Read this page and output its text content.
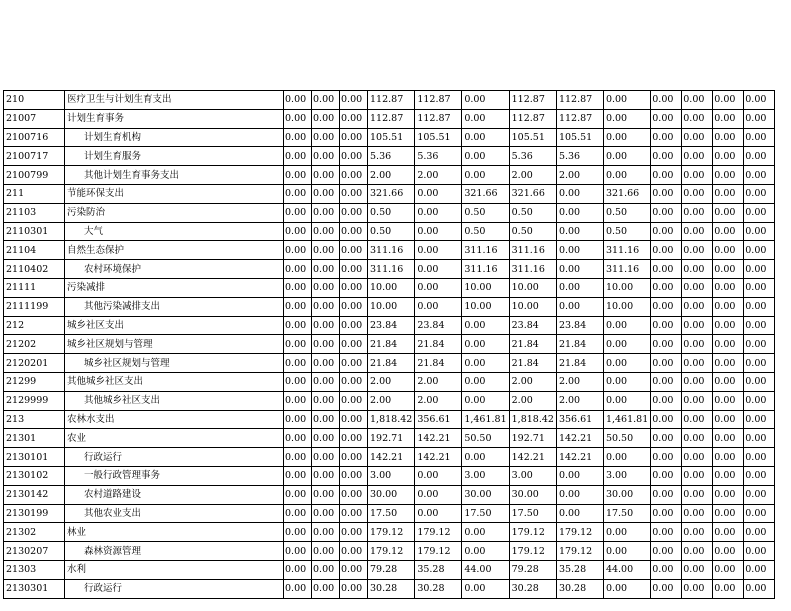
210	医疗卫生与计划生育支出	0.00	0.00	0.00	112.87	112.87	0.00	112.87	112.87	0.00	0.00	0.00	0.00	0.00
21007	计划生育事务	0.00	0.00	0.00	112.87	112.87	0.00	112.87	112.87	0.00	0.00	0.00	0.00	0.00
2100716	计划生育机构	0.00	0.00	0.00	105.51	105.51	0.00	105.51	105.51	0.00	0.00	0.00	0.00	0.00
2100717	计划生育服务	0.00	0.00	0.00	5.36	5.36	0.00	5.36	5.36	0.00	0.00	0.00	0.00	0.00
2100799	其他计划生育事务支出	0.00	0.00	0.00	2.00	2.00	0.00	2.00	2.00	0.00	0.00	0.00	0.00	0.00
211	节能环保支出	0.00	0.00	0.00	321.66	0.00	321.66	321.66	0.00	321.66	0.00	0.00	0.00	0.00
21103	污染防治	0.00	0.00	0.00	0.50	0.00	0.50	0.50	0.00	0.50	0.00	0.00	0.00	0.00
2110301	大气	0.00	0.00	0.00	0.50	0.00	0.50	0.50	0.00	0.50	0.00	0.00	0.00	0.00
21104	自然生态保护	0.00	0.00	0.00	311.16	0.00	311.16	311.16	0.00	311.16	0.00	0.00	0.00	0.00
2110402	农村环境保护	0.00	0.00	0.00	311.16	0.00	311.16	311.16	0.00	311.16	0.00	0.00	0.00	0.00
21111	污染减排	0.00	0.00	0.00	10.00	0.00	10.00	10.00	0.00	10.00	0.00	0.00	0.00	0.00
2111199	其他污染减排支出	0.00	0.00	0.00	10.00	0.00	10.00	10.00	0.00	10.00	0.00	0.00	0.00	0.00
212	城乡社区支出	0.00	0.00	0.00	23.84	23.84	0.00	23.84	23.84	0.00	0.00	0.00	0.00	0.00
21202	城乡社区规划与管理	0.00	0.00	0.00	21.84	21.84	0.00	21.84	21.84	0.00	0.00	0.00	0.00	0.00
2120201	城乡社区规划与管理	0.00	0.00	0.00	21.84	21.84	0.00	21.84	21.84	0.00	0.00	0.00	0.00	0.00
21299	其他城乡社区支出	0.00	0.00	0.00	2.00	2.00	0.00	2.00	2.00	0.00	0.00	0.00	0.00	0.00
2129999	其他城乡社区支出	0.00	0.00	0.00	2.00	2.00	0.00	2.00	2.00	0.00	0.00	0.00	0.00	0.00
213	农林水支出	0.00	0.00	0.00	1,818.42	356.61	1,461.81	1,818.42	356.61	1,461.81	0.00	0.00	0.00	0.00
21301	农业	0.00	0.00	0.00	192.71	142.21	50.50	192.71	142.21	50.50	0.00	0.00	0.00	0.00
2130101	行政运行	0.00	0.00	0.00	142.21	142.21	0.00	142.21	142.21	0.00	0.00	0.00	0.00	0.00
2130102	一般行政管理事务	0.00	0.00	0.00	3.00	0.00	3.00	3.00	0.00	3.00	0.00	0.00	0.00	0.00
2130142	农村道路建设	0.00	0.00	0.00	30.00	0.00	30.00	30.00	0.00	30.00	0.00	0.00	0.00	0.00
2130199	其他农业支出	0.00	0.00	0.00	17.50	0.00	17.50	17.50	0.00	17.50	0.00	0.00	0.00	0.00
21302	林业	0.00	0.00	0.00	179.12	179.12	0.00	179.12	179.12	0.00	0.00	0.00	0.00	0.00
2130207	森林资源管理	0.00	0.00	0.00	179.12	179.12	0.00	179.12	179.12	0.00	0.00	0.00	0.00	0.00
21303	水利	0.00	0.00	0.00	79.28	35.28	44.00	79.28	35.28	44.00	0.00	0.00	0.00	0.00
2130301	行政运行	0.00	0.00	0.00	30.28	30.28	0.00	30.28	30.28	0.00	0.00	0.00	0.00	0.00
